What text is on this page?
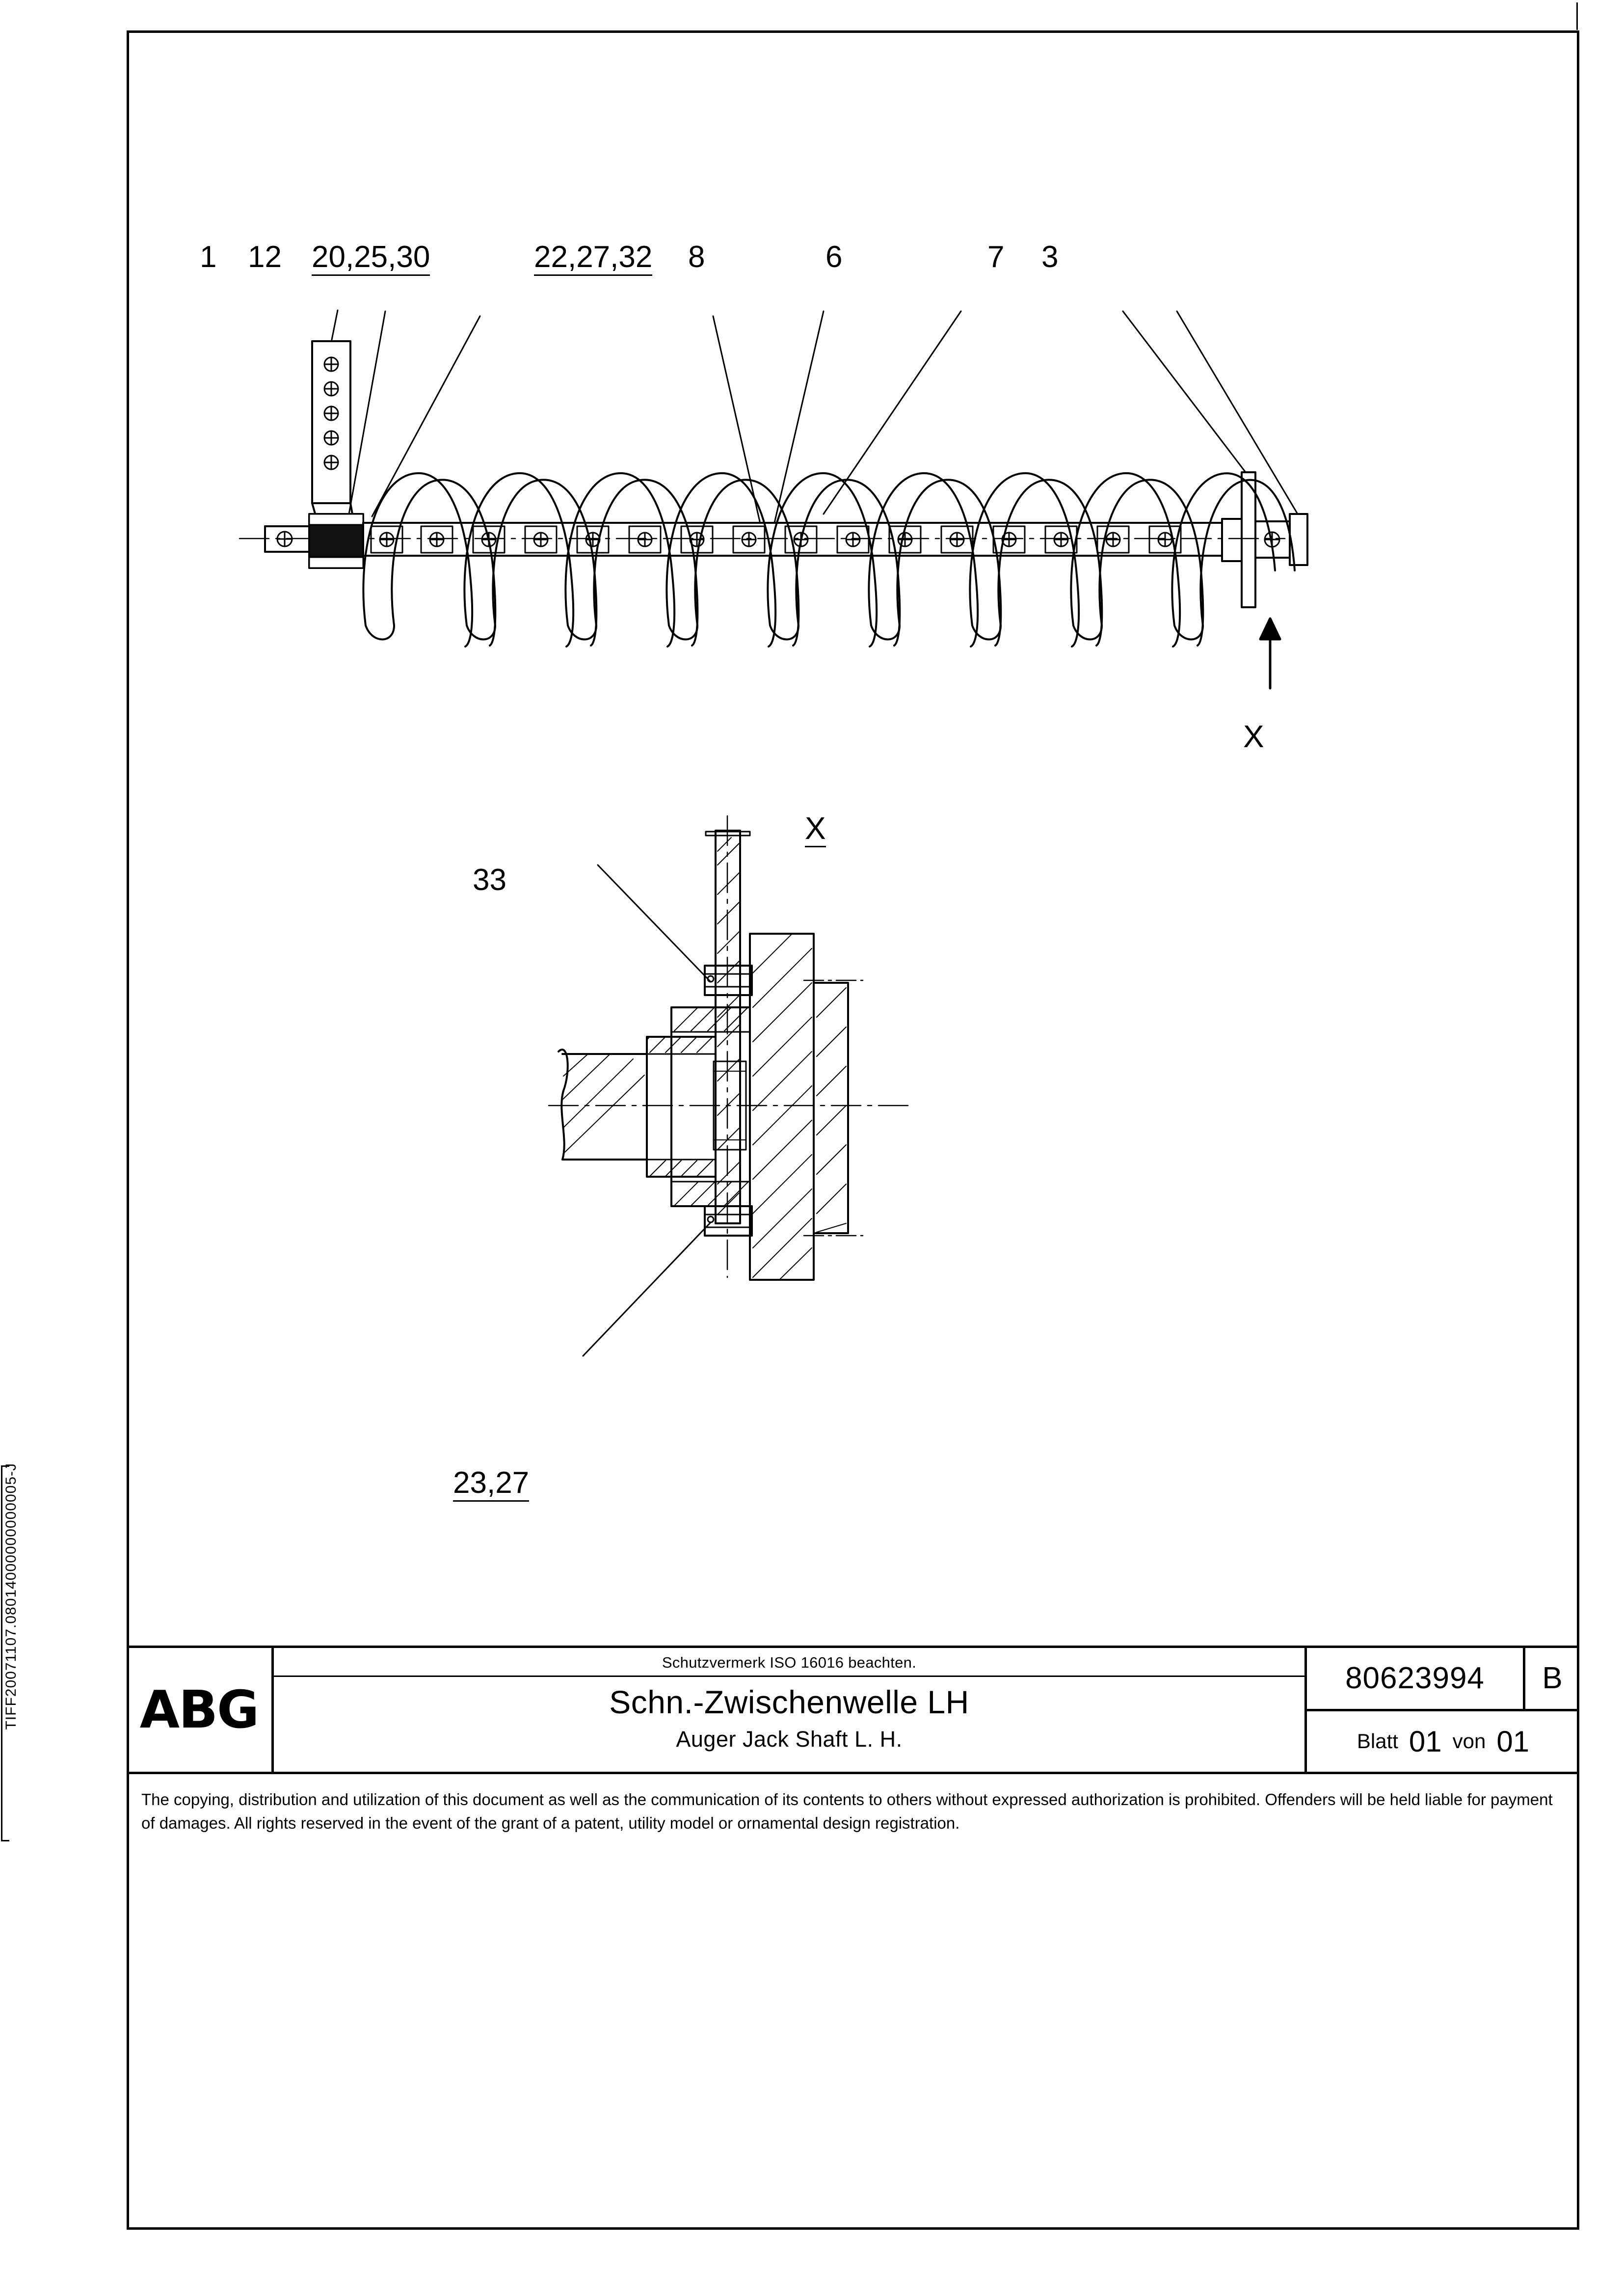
TIFF20071107.08014000000000005-J
1 12 20,25,30	22,27,32 8	6	7 3
33
23,27
X
X
ABG
Schutzvermerk ISO 16016 beachten.
Schn.-Zwischenwelle LH
Auger Jack Shaft L. H.
80623994	B
Blatt 01 von 01

The copying, distribution and utilization of this document as well as the communication of its contents to others without expressed authorization is prohibited. Offenders will be held liable for payment of damages. All rights reserved in the event of the grant of a patent, utility model or ornamental design registration.
